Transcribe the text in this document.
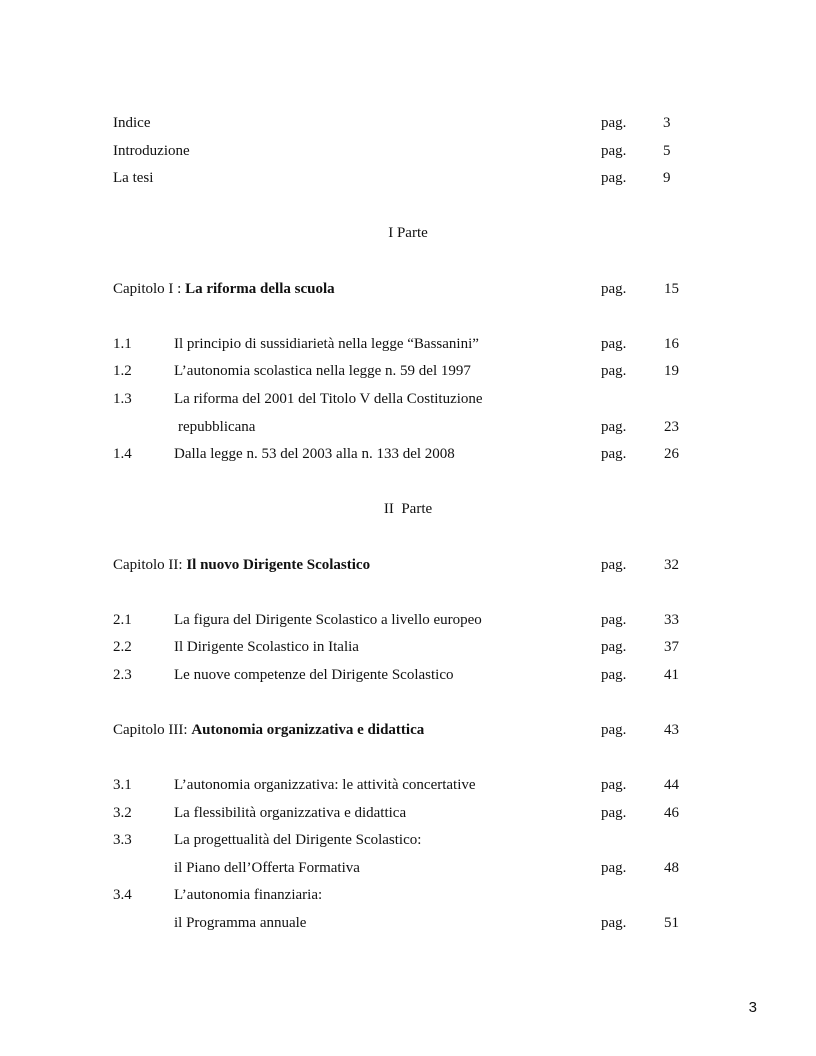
Indice	pag. 3
Introduzione	pag. 5
La tesi	pag. 9
I Parte
Capitolo I : La riforma della scuola	pag.	15
1.1	Il principio di sussidiarietà nella legge “Bassanini”	pag.	16
1.2	L’autonomia scolastica nella legge n. 59 del 1997	pag.	19
1.3	La riforma del 2001 del Titolo V della Costituzione
repubblicana	pag.	23
1.4	Dalla legge n. 53 del 2003 alla n. 133 del 2008	pag.	26
II  Parte
Capitolo II: Il nuovo Dirigente Scolastico	pag.	32
2.1	La figura del Dirigente Scolastico a livello europeo	pag.	33
2.2	Il Dirigente Scolastico in Italia	pag.	37
2.3	Le nuove competenze del Dirigente Scolastico	pag.	41
Capitolo III: Autonomia organizzativa e didattica	pag.	43
3.1	L’autonomia organizzativa: le attività concertative	pag.	44
3.2	La flessibilità organizzativa e didattica	pag.	46
3.3	La progettualità del Dirigente Scolastico:
il Piano dell’Offerta Formativa	pag.	48
3.4	L’autonomia finanziaria:
il Programma annuale	pag.	51
3
